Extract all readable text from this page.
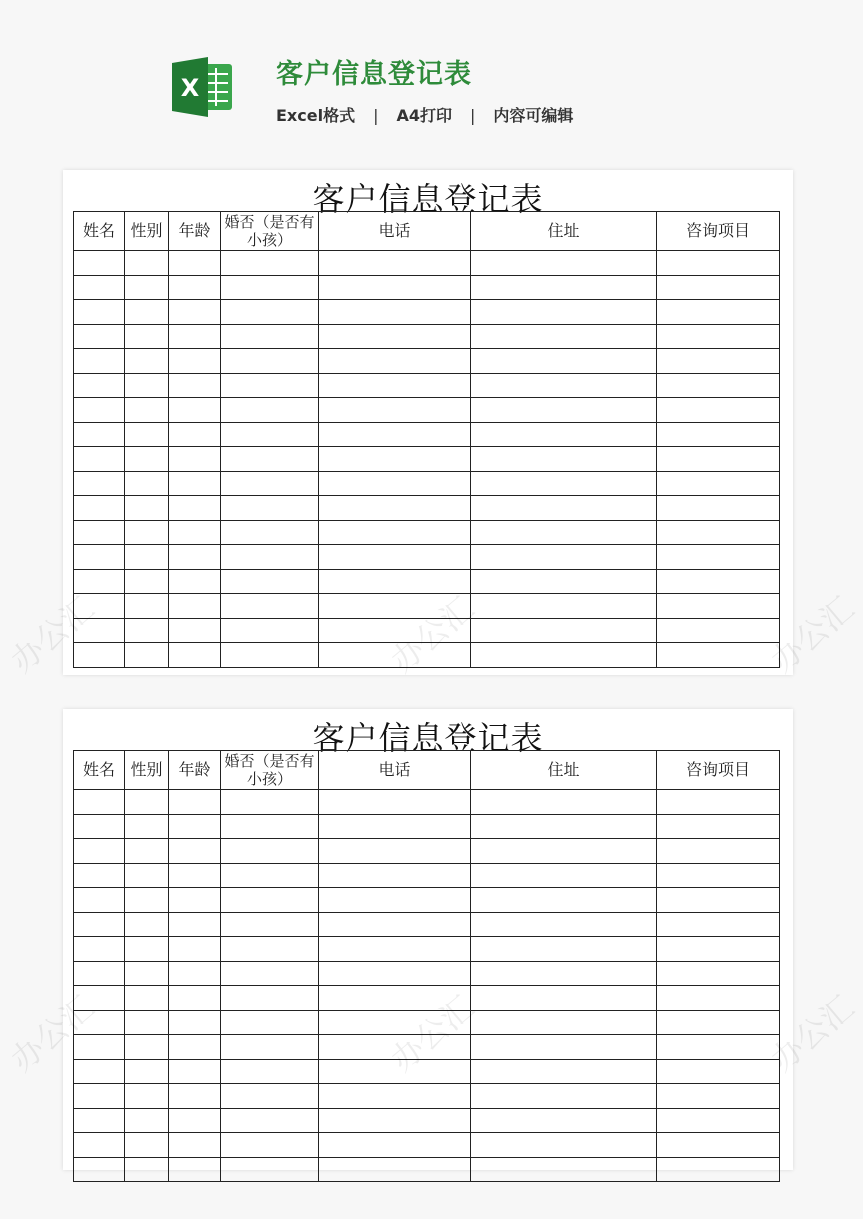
X	客户信息登记表
Excel格式 | A4打印 | 内容可编辑
客户信息登记表
姓名	性别	年龄	婚否（是否有小孩）	电话	住址	咨询项目

办公汇	办公汇	办公汇
客户信息登记表
姓名	性别	年龄	婚否（是否有小孩）	电话	住址	咨询项目

办公汇	办公汇	办公汇
